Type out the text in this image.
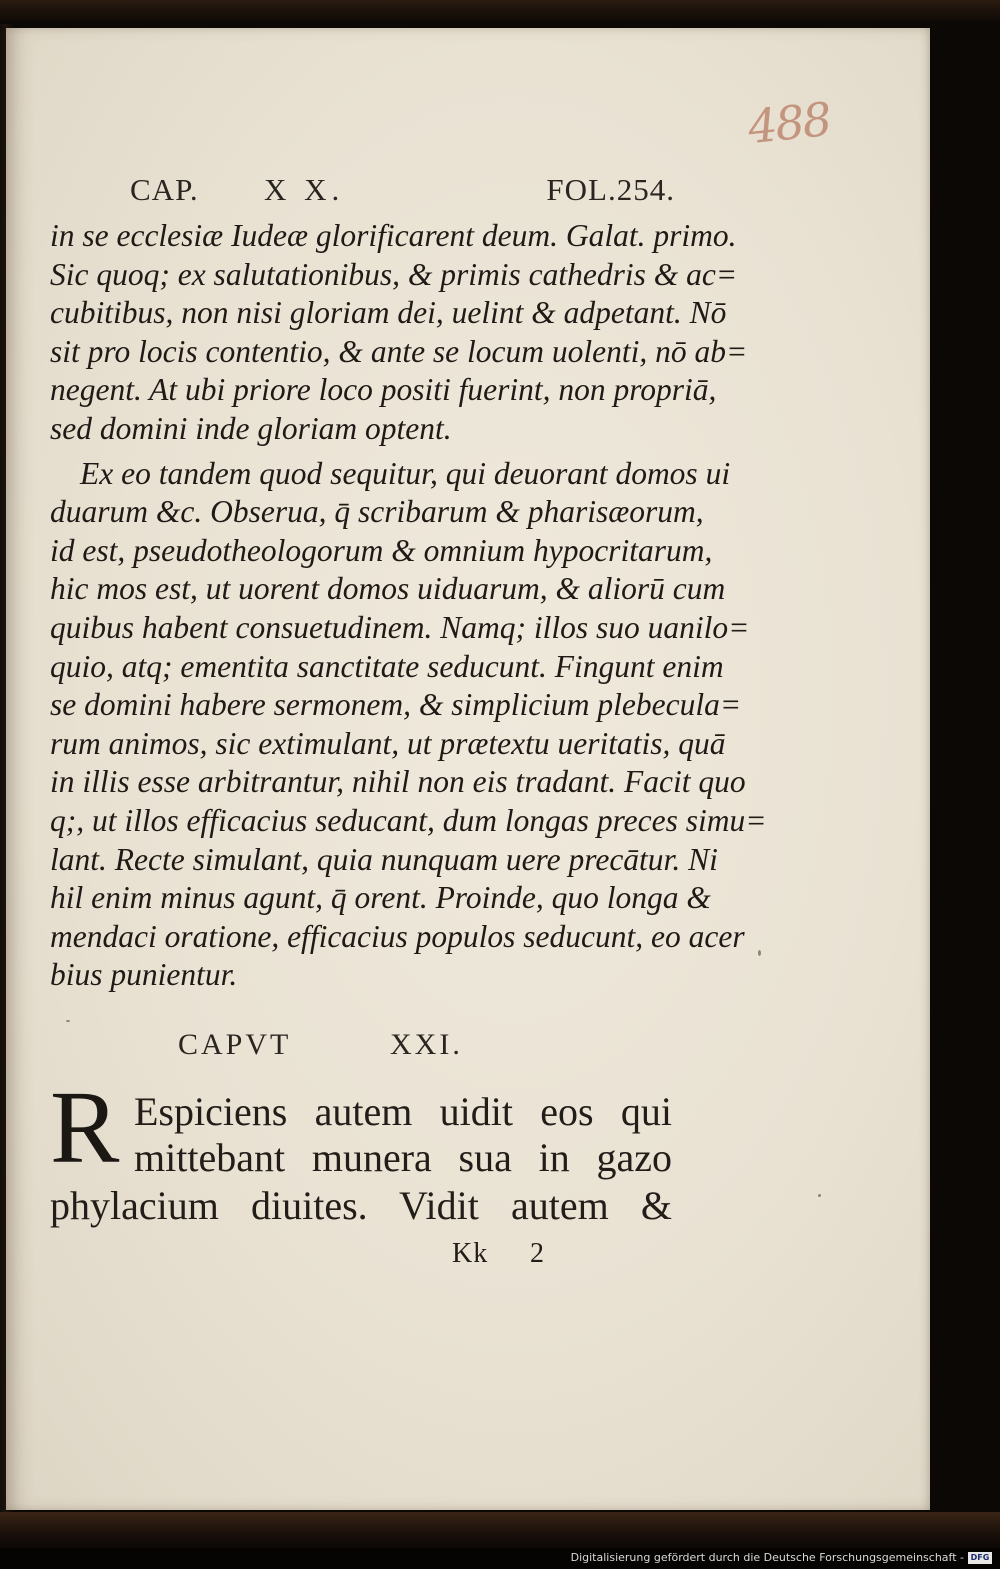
488
CAP. X X.	FOL.254.
in se ecclesiæ Iudeæ glorificarent deum. Galat. primo.
Sic quoq; ex salutationibus, & primis cathedris & ac=
cubitibus, non nisi gloriam dei, uelint & adpetant. Nō
sit pro locis contentio, & ante se locum uolenti, nō ab=
negent. At ubi priore loco positi fuerint, non propriā,
sed domini inde gloriam optent.
Ex eo tandem quod sequitur, qui deuorant domos ui
duarum &c. Obserua, q̄ scribarum & pharisæorum,
id est, pseudotheologorum & omnium hypocritarum,
hic mos est, ut uorent domos uiduarum, & aliorū cum
quibus habent consuetudinem. Namq; illos suo uanilo=
quio, atq; ementita sanctitate seducunt. Fingunt enim
se domini habere sermonem, & simplicium plebecula=
rum animos, sic extimulant, ut prætextu ueritatis, quā
in illis esse arbitrantur, nihil non eis tradant. Facit quo
q;, ut illos efficacius seducant, dum longas preces simu=
lant. Recte simulant, quia nunquam uere precātur. Ni
hil enim minus agunt, q̄ orent. Proinde, quo longa &
mendaci oratione, efficacius populos seducunt, eo acer
bius punientur.
CAPVT	XXI.
R Espiciens autem uidit eos qui
mittebant munera sua in gazo
phylacium diuites. Vidit autem &
Kk 2
Digitalisierung gefördert durch die Deutsche Forschungsgemeinschaft - DFG
